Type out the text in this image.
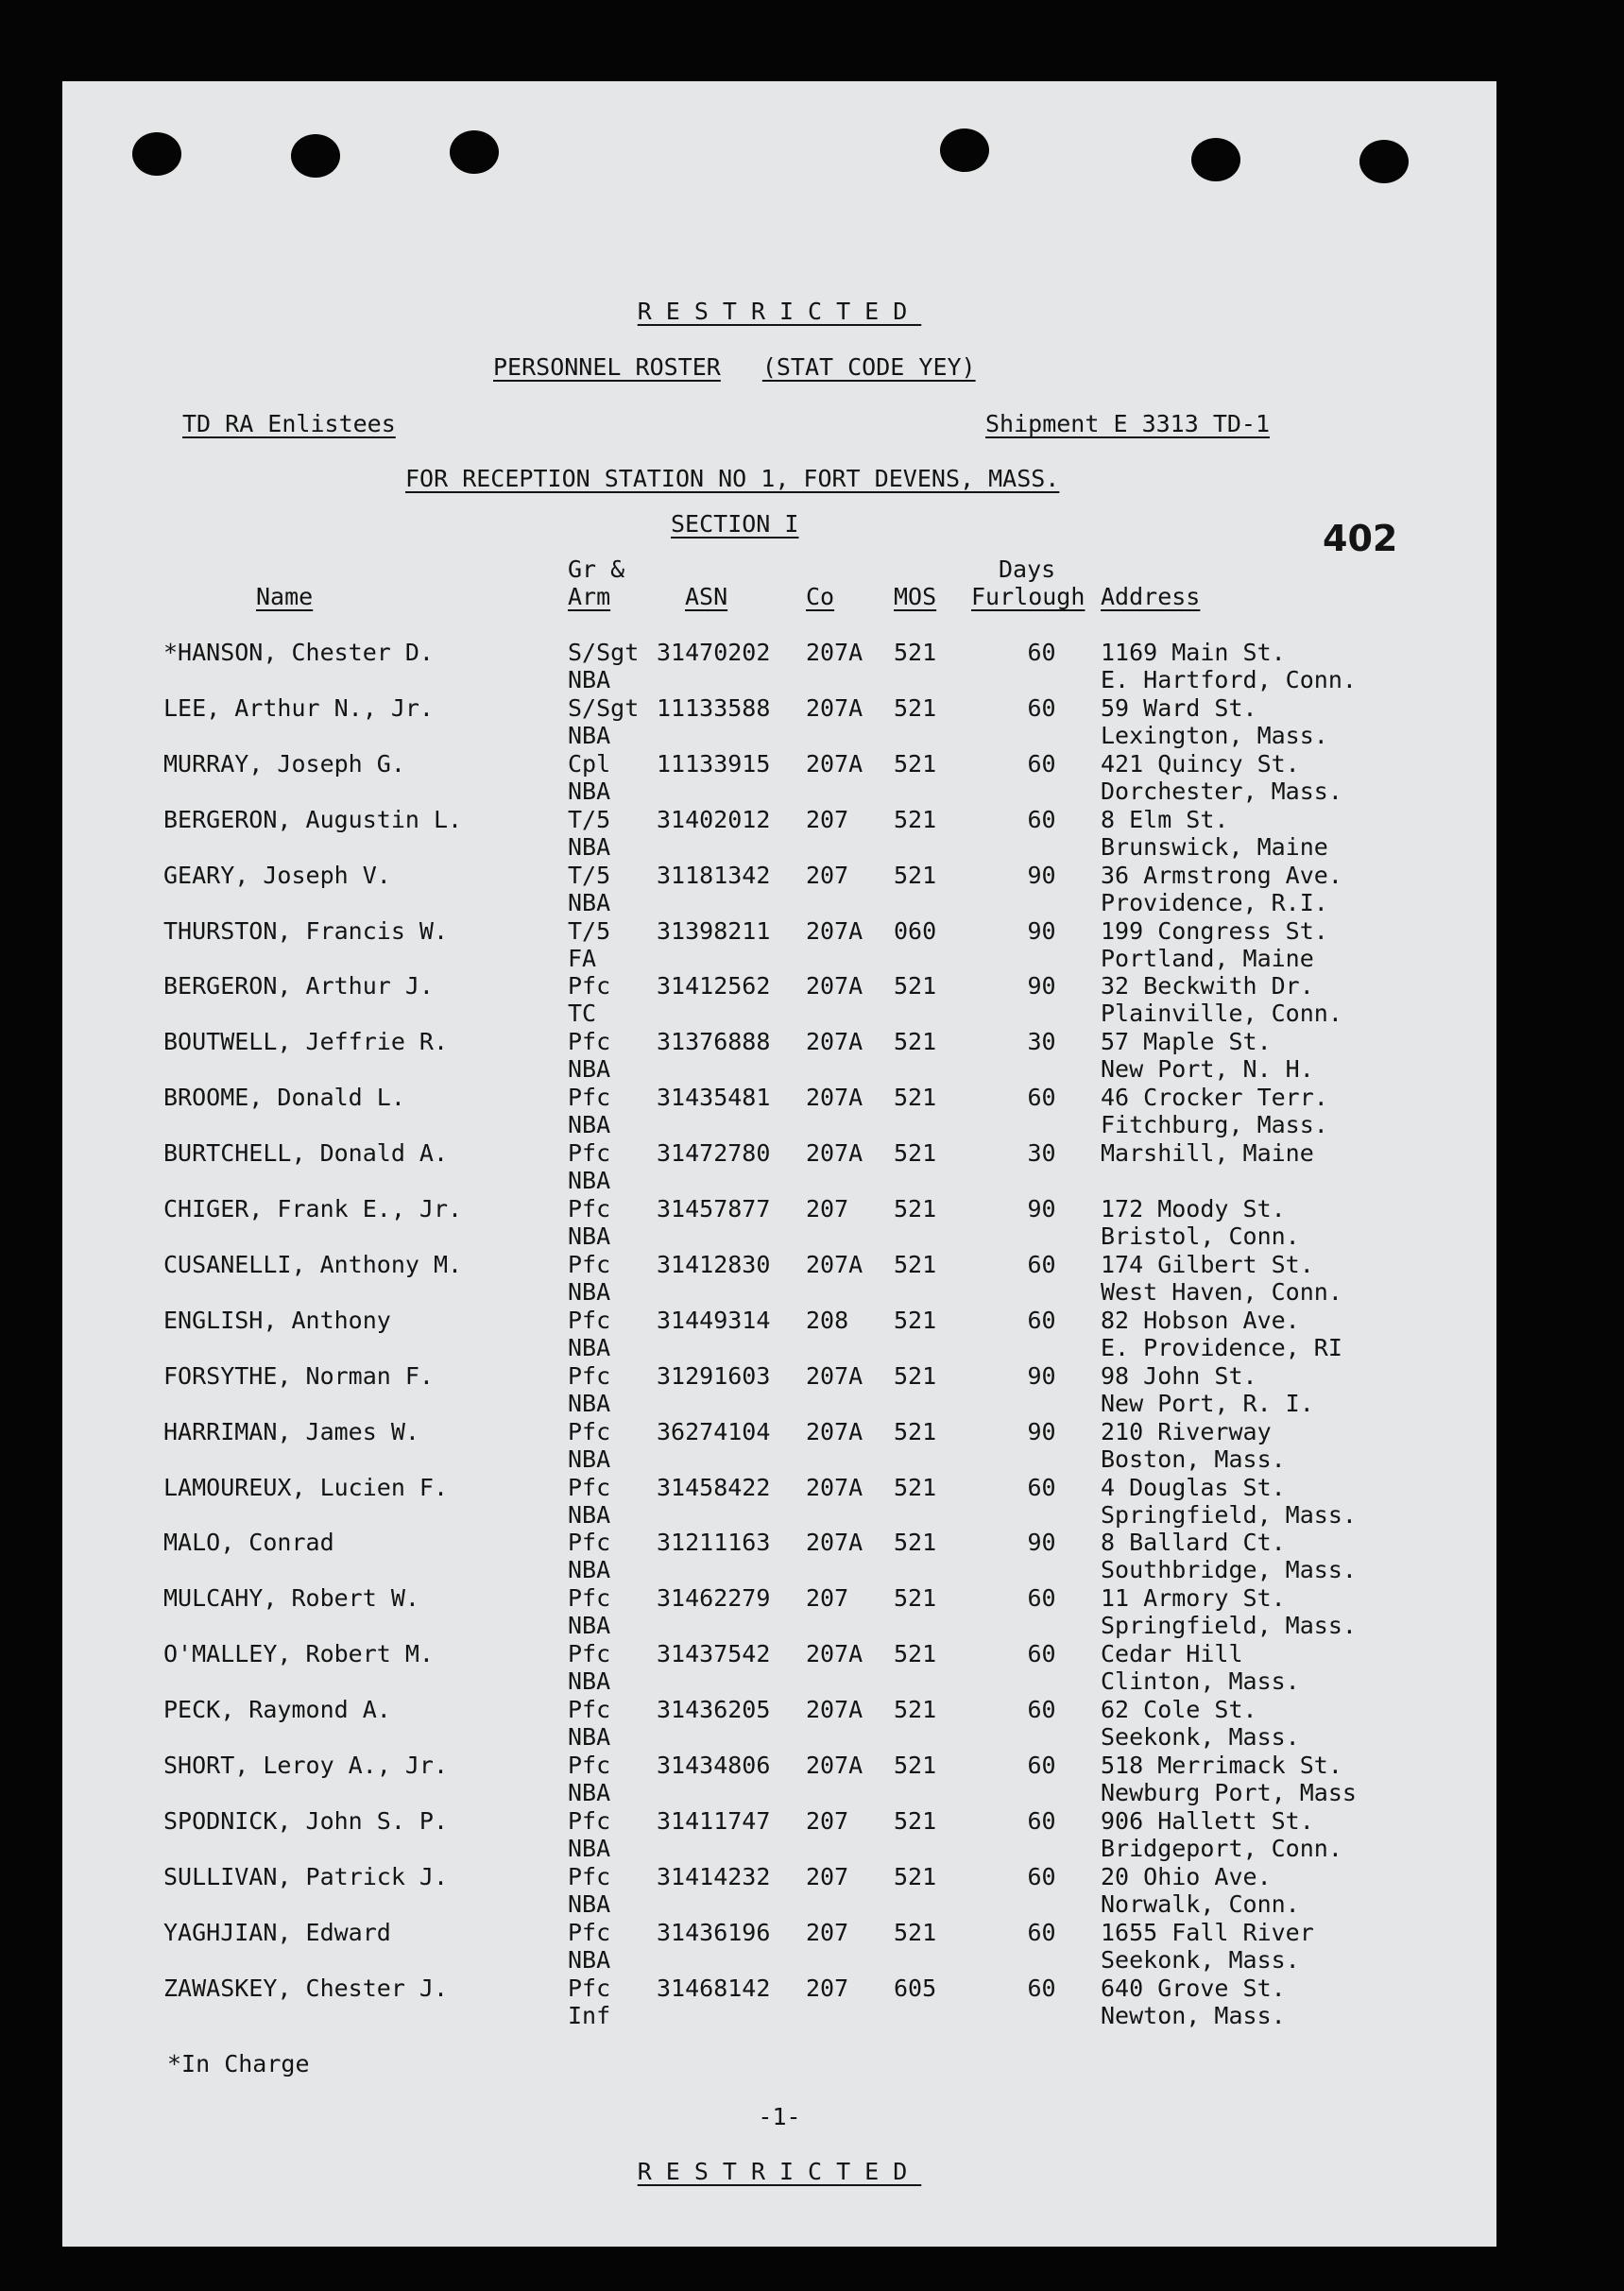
RESTRICTED
PERSONNEL ROSTER (STAT CODE YEY)
TD RA Enlistees	Shipment E 3313 TD-1
FOR RECEPTION STATION NO 1, FORT DEVENS, MASS.
SECTION I	402
Gr &	Days
Name	Arm	ASN	Co	MOS Furlough Address
*HANSON, Chester D.	S/Sgt
NBA
31470202 207A 521	60	1169 Main St.
E. Hartford, Conn.
LEE, Arthur N., Jr.	S/Sgt
NBA
11133588 207A 521	60	59 Ward St.
Lexington, Mass.
MURRAY, Joseph G.	Cpl
NBA
11133915 207A 521	60	421 Quincy St.
Dorchester, Mass.
BERGERON, Augustin L.	T/5
NBA
31402012 207 521	60	8 Elm St.
Brunswick, Maine
GEARY, Joseph V.	T/5
NBA
31181342 207 521	90	36 Armstrong Ave.
Providence, R.I.
THURSTON, Francis W.	T/5
FA
31398211 207A 060	90	199 Congress St.
Portland, Maine
BERGERON, Arthur J.	Pfc
TC
31412562 207A 521	90	32 Beckwith Dr.
Plainville, Conn.
BOUTWELL, Jeffrie R.	Pfc
NBA
31376888 207A 521	30	57 Maple St.
New Port, N. H.
BROOME, Donald L.	Pfc
NBA
31435481 207A 521	60	46 Crocker Terr.
Fitchburg, Mass.
BURTCHELL, Donald A.	Pfc
NBA
31472780 207A 521	30	Marshill, Maine
CHIGER, Frank E., Jr.	Pfc
NBA
31457877 207 521	90	172 Moody St.
Bristol, Conn.
CUSANELLI, Anthony M.	Pfc
NBA
31412830 207A 521	60	174 Gilbert St.
West Haven, Conn.
ENGLISH, Anthony	Pfc
NBA
31449314 208 521	60	82 Hobson Ave.
E. Providence, RI
FORSYTHE, Norman F.	Pfc
NBA
31291603 207A 521	90	98 John St.
New Port, R. I.
HARRIMAN, James W.	Pfc
NBA
36274104 207A 521	90	210 Riverway
Boston, Mass.
LAMOUREUX, Lucien F.	Pfc
NBA
31458422 207A 521	60	4 Douglas St.
Springfield, Mass.
MALO, Conrad	Pfc
NBA
31211163 207A 521	90	8 Ballard Ct.
Southbridge, Mass.
MULCAHY, Robert W.	Pfc
NBA
31462279 207 521	60	11 Armory St.
Springfield, Mass.
O'MALLEY, Robert M.	Pfc
NBA
31437542 207A 521	60	Cedar Hill
Clinton, Mass.
PECK, Raymond A.	Pfc
NBA
31436205 207A 521	60	62 Cole St.
Seekonk, Mass.
SHORT, Leroy A., Jr.	Pfc
NBA
31434806 207A 521	60	518 Merrimack St.
Newburg Port, Mass
SPODNICK, John S. P.	Pfc
NBA
31411747 207 521	60	906 Hallett St.
Bridgeport, Conn.
SULLIVAN, Patrick J.	Pfc
NBA
31414232 207 521	60	20 Ohio Ave.
Norwalk, Conn.
YAGHJIAN, Edward	Pfc
NBA
31436196 207 521	60	1655 Fall River
Seekonk, Mass.
ZAWASKEY, Chester J.	Pfc
Inf
31468142 207 605	60	640 Grove St.
Newton, Mass.
*In Charge
-1-
RESTRICTED
